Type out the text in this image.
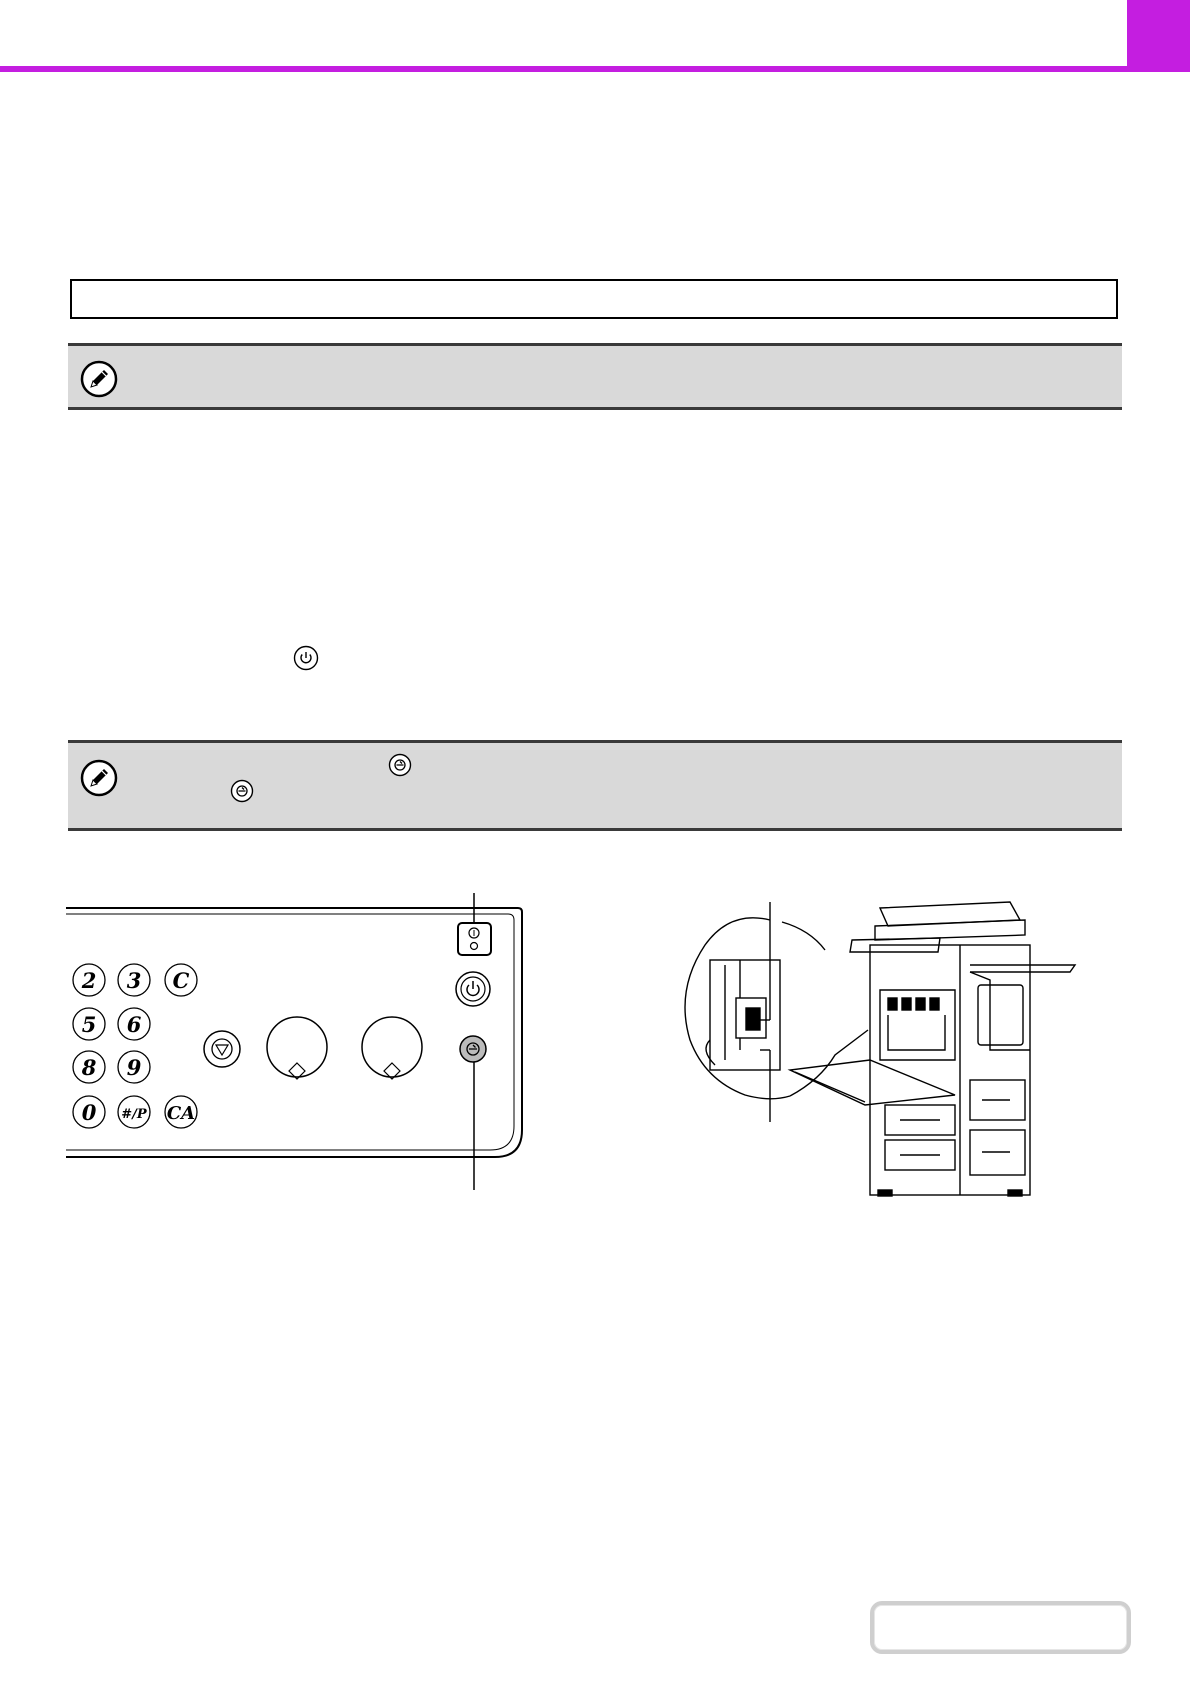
2 3 C
5 6
8 9
0 #/P CA
